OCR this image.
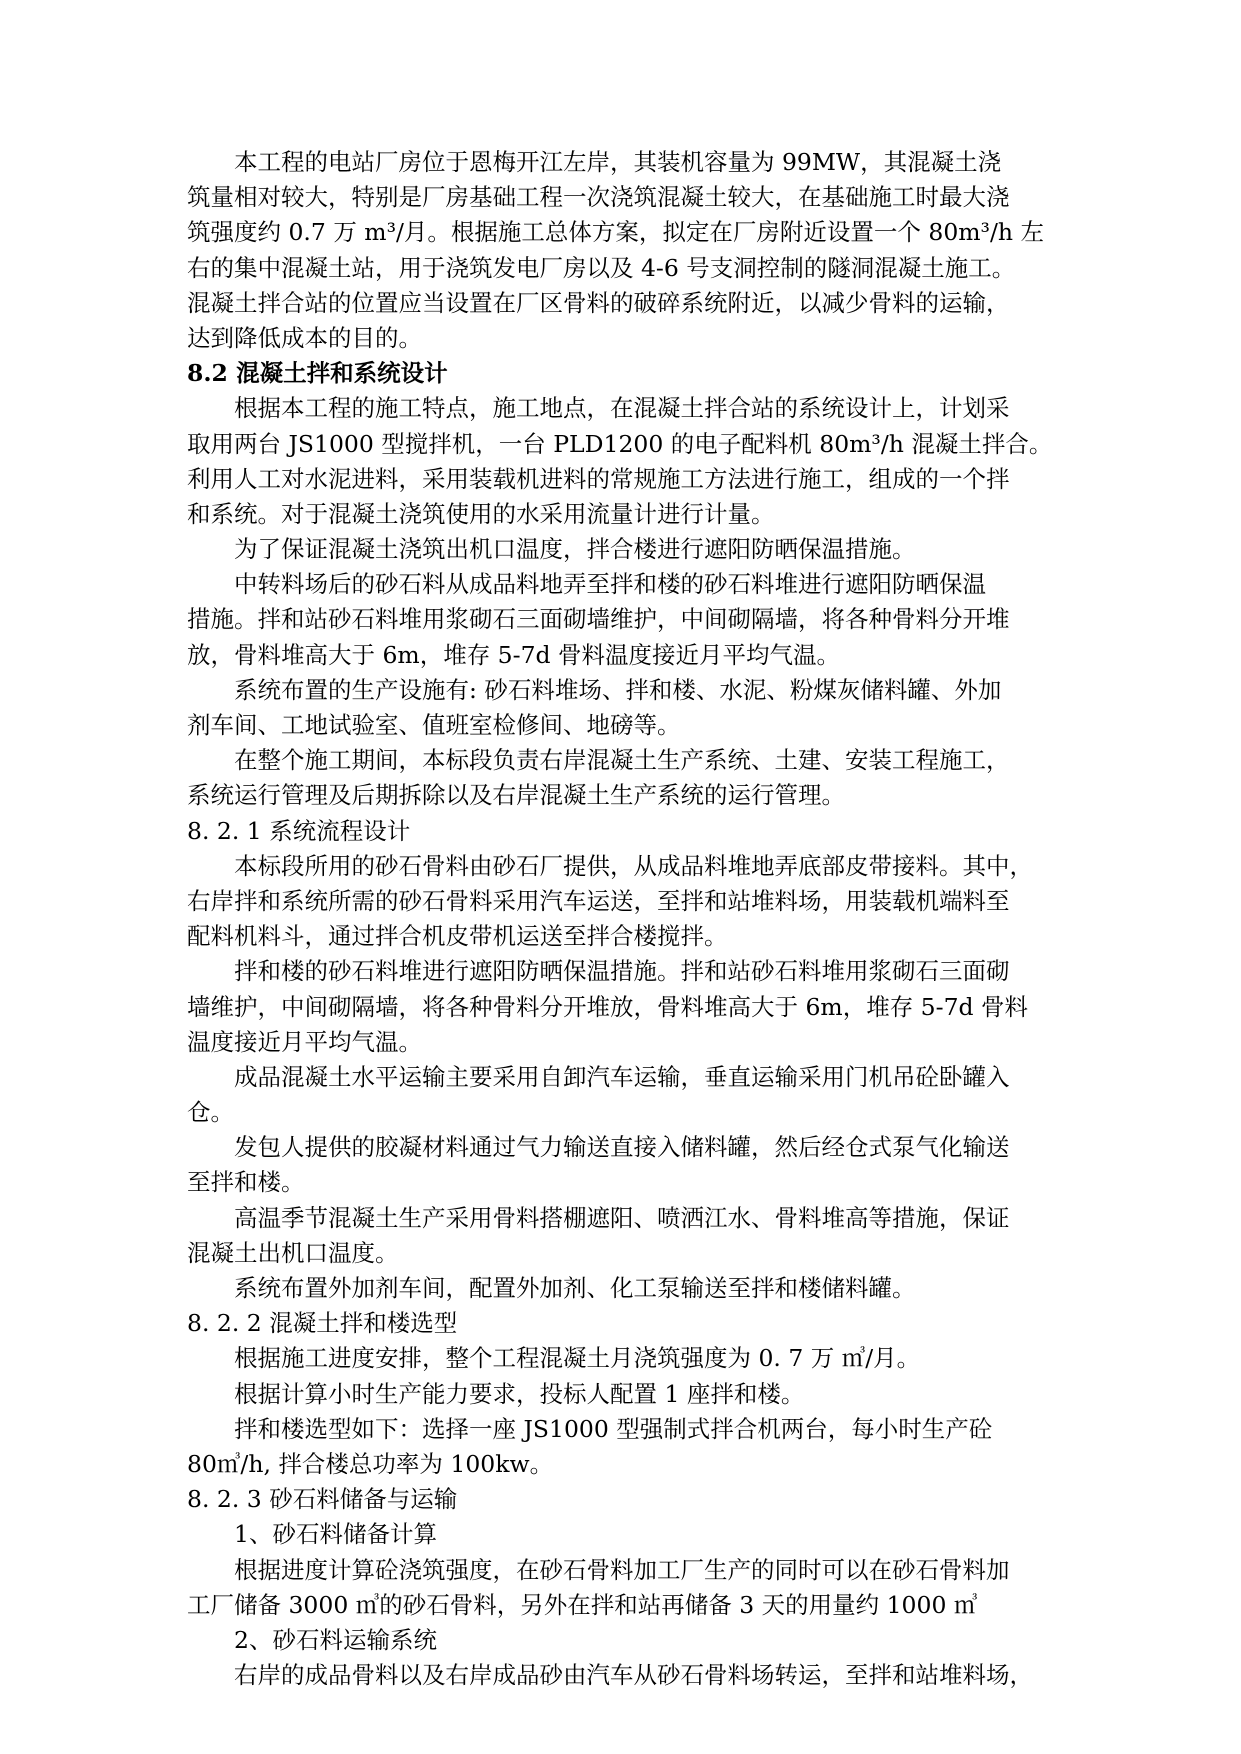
本工程的电站厂房位于恩梅开江左岸，其装机容量为 99MW，其混凝土浇
筑量相对较大，特别是厂房基础工程一次浇筑混凝土较大，在基础施工时最大浇
筑强度约 0.7 万 m³/月。根据施工总体方案，拟定在厂房附近设置一个 80m³/h 左
右的集中混凝土站，用于浇筑发电厂房以及 4-6 号支洞控制的隧洞混凝土施工。
混凝土拌合站的位置应当设置在厂区骨料的破碎系统附近，以减少骨料的运输，
达到降低成本的目的。
8.2 混凝土拌和系统设计
根据本工程的施工特点，施工地点，在混凝土拌合站的系统设计上，计划采
取用两台 JS1000 型搅拌机，一台 PLD1200 的电子配料机 80m³/h 混凝土拌合。
利用人工对水泥进料，采用装载机进料的常规施工方法进行施工，组成的一个拌
和系统。对于混凝土浇筑使用的水采用流量计进行计量。
为了保证混凝土浇筑出机口温度，拌合楼进行遮阳防晒保温措施。
中转料场后的砂石料从成品料地弄至拌和楼的砂石料堆进行遮阳防晒保温
措施。拌和站砂石料堆用浆砌石三面砌墙维护，中间砌隔墙，将各种骨料分开堆
放，骨料堆高大于 6m，堆存 5-7d 骨料温度接近月平均气温。
系统布置的生产设施有: 砂石料堆场、拌和楼、水泥、粉煤灰储料罐、外加
剂车间、工地试验室、值班室检修间、地磅等。
在整个施工期间，本标段负责右岸混凝土生产系统、土建、安装工程施工，
系统运行管理及后期拆除以及右岸混凝土生产系统的运行管理。
8. 2. 1 系统流程设计
本标段所用的砂石骨料由砂石厂提供，从成品料堆地弄底部皮带接料。其中，
右岸拌和系统所需的砂石骨料采用汽车运送，至拌和站堆料场，用装载机端料至
配料机料斗，通过拌合机皮带机运送至拌合楼搅拌。
拌和楼的砂石料堆进行遮阳防晒保温措施。拌和站砂石料堆用浆砌石三面砌
墙维护，中间砌隔墙，将各种骨料分开堆放，骨料堆高大于 6m，堆存 5-7d 骨料
温度接近月平均气温。
成品混凝土水平运输主要采用自卸汽车运输，垂直运输采用门机吊砼卧罐入
仓。
发包人提供的胶凝材料通过气力输送直接入储料罐，然后经仓式泵气化输送
至拌和楼。
高温季节混凝土生产采用骨料搭棚遮阳、喷洒江水、骨料堆高等措施，保证
混凝土出机口温度。
系统布置外加剂车间，配置外加剂、化工泵输送至拌和楼储料罐。
8. 2. 2 混凝土拌和楼选型
根据施工进度安排，整个工程混凝土月浇筑强度为 0. 7 万 ㎥/月。
根据计算小时生产能力要求，投标人配置 1 座拌和楼。
拌和楼选型如下：选择一座 JS1000 型强制式拌合机两台，每小时生产砼
80㎥/h, 拌合楼总功率为 100kw。
8. 2. 3 砂石料储备与运输
1、砂石料储备计算
根据进度计算砼浇筑强度，在砂石骨料加工厂生产的同时可以在砂石骨料加
工厂储备 3000 ㎥的砂石骨料，另外在拌和站再储备 3 天的用量约 1000 ㎥
2、砂石料运输系统
右岸的成品骨料以及右岸成品砂由汽车从砂石骨料场转运，至拌和站堆料场，
